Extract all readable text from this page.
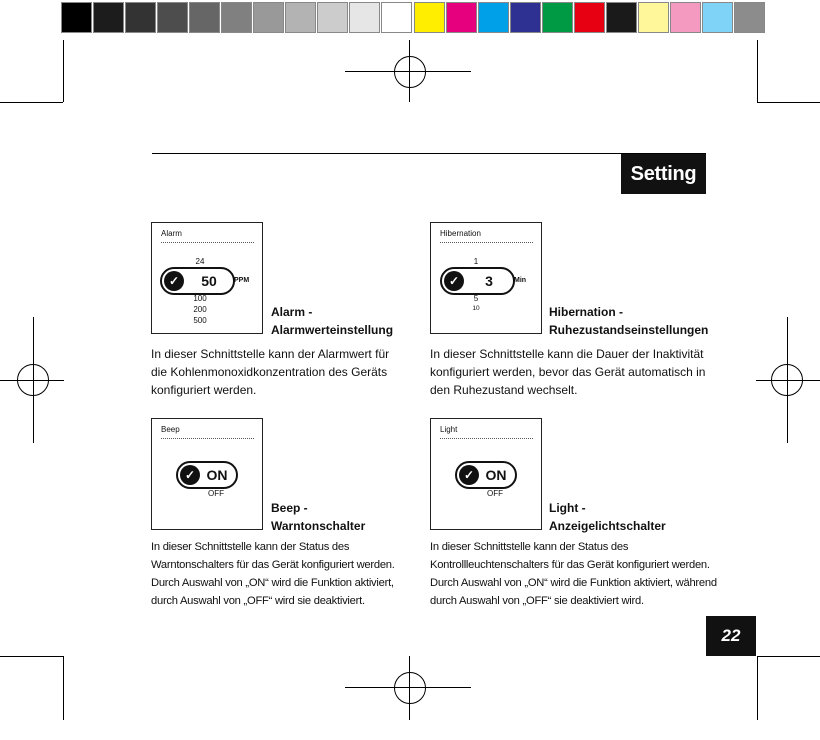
Setting
Alarm
24
✓	50	PPM
100
200
500
Alarm -
Alarmwerteinstellung
In dieser Schnittstelle kann der Alarmwert für
die Kohlenmonoxidkonzentration des Geräts
konfiguriert werden.
Hibernation
1
✓	3	Min
5
10	Hibernation -
Ruhezustandseinstellungen
In dieser Schnittstelle kann die Dauer der Inaktivität
konfiguriert werden, bevor das Gerät automatisch in
den Ruhezustand wechselt.
Beep
✓ ON
OFF
Beep -
Warntonschalter
In dieser Schnittstelle kann der Status des
Warntonschalters für das Gerät konfiguriert werden.
Durch Auswahl von „ON“ wird die Funktion aktiviert,
durch Auswahl von „OFF“ wird sie deaktiviert.
Light
✓ ON
OFF
Light -
Anzeigelichtschalter
In dieser Schnittstelle kann der Status des
Kontrollleuchtenschalters für das Gerät konfiguriert werden.
Durch Auswahl von „ON“ wird die Funktion aktiviert, während
durch Auswahl von „OFF“ sie deaktiviert wird.
22
